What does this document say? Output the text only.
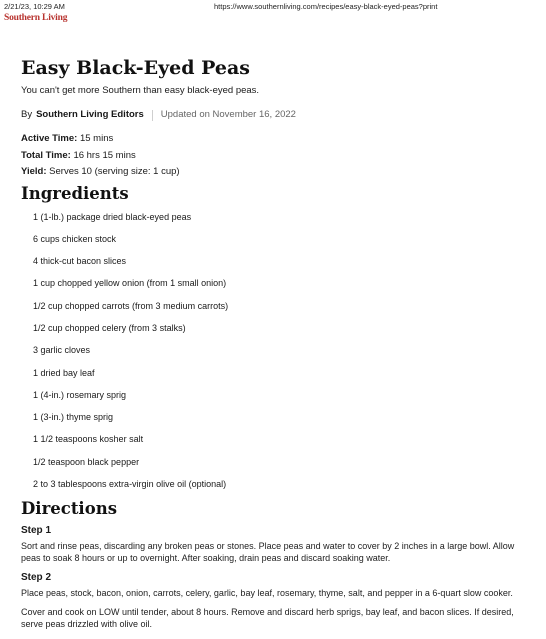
2/21/23, 10:29 AM	https://www.southernliving.com/recipes/easy-black-eyed-peas?print
Southern Living
Easy Black-Eyed Peas
You can't get more Southern than easy black-eyed peas.
By Southern Living Editors Updated on November 16, 2022
Active Time: 15 mins
Total Time: 16 hrs 15 mins
Yield: Serves 10 (serving size: 1 cup)
Ingredients
1 (1-lb.) package dried black-eyed peas
6 cups chicken stock
4 thick-cut bacon slices
1 cup chopped yellow onion (from 1 small onion)
1/2 cup chopped carrots (from 3 medium carrots)
1/2 cup chopped celery (from 3 stalks)
3 garlic cloves
1 dried bay leaf
1 (4-in.) rosemary sprig
1 (3-in.) thyme sprig
1 1/2 teaspoons kosher salt
1/2 teaspoon black pepper
2 to 3 tablespoons extra-virgin olive oil (optional)
Directions
Step 1
Sort and rinse peas, discarding any broken peas or stones. Place peas and water to cover by 2 inches in a large bowl. Allow peas to soak 8 hours or up to overnight. After soaking, drain peas and discard soaking water.
Step 2
Place peas, stock, bacon, onion, carrots, celery, garlic, bay leaf, rosemary, thyme, salt, and pepper in a 6-quart slow cooker.
Cover and cook on LOW until tender, about 8 hours. Remove and discard herb sprigs, bay leaf, and bacon slices. If desired, serve peas drizzled with olive oil.
